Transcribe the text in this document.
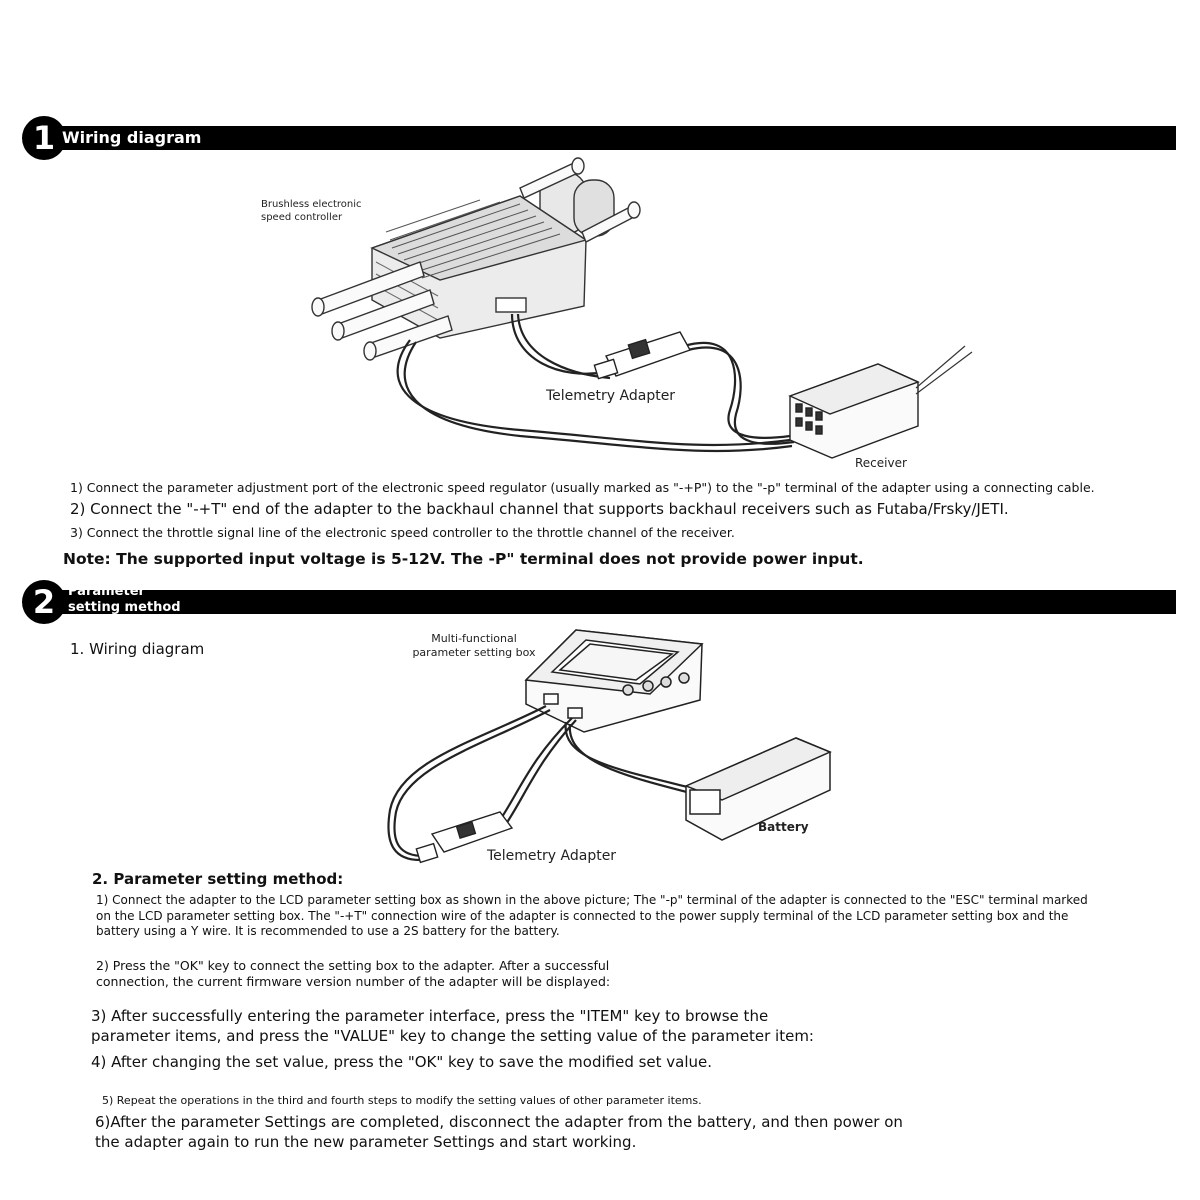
1 Wiring diagram
Brushless electronic
speed controller
Telemetry Adapter
Receiver
1) Connect the parameter adjustment port of the electronic speed regulator (usually marked as "-+P") to the "-p" terminal of the adapter using a connecting cable.
2) Connect the "-+T" end of the adapter to the backhaul channel that supports backhaul receivers such as Futaba/Frsky/JETI.
3) Connect the throttle signal line of the electronic speed controller to the throttle channel of the receiver.
Note: The supported input voltage is 5-12V. The -P" terminal does not provide power input.
2 Parameter
setting method
1. Wiring diagram
Multi-functional
parameter setting box
Battery
Telemetry Adapter
2. Parameter setting method:
1) Connect the adapter to the LCD parameter setting box as shown in the above picture; The "-p" terminal of the adapter is connected to the "ESC" terminal marked
on the LCD parameter setting box. The "-+T" connection wire of the adapter is connected to the power supply terminal of the LCD parameter setting box and the
battery using a Y wire. It is recommended to use a 2S battery for the battery.
2) Press the "OK" key to connect the setting box to the adapter. After a successful
connection, the current firmware version number of the adapter will be displayed:
3) After successfully entering the parameter interface, press the "ITEM" key to browse the
parameter items, and press the "VALUE" key to change the setting value of the parameter item:
4) After changing the set value, press the "OK" key to save the modified set value.
5) Repeat the operations in the third and fourth steps to modify the setting values of other parameter items.
6)After the parameter Settings are completed, disconnect the adapter from the battery, and then power on
the adapter again to run the new parameter Settings and start working.
